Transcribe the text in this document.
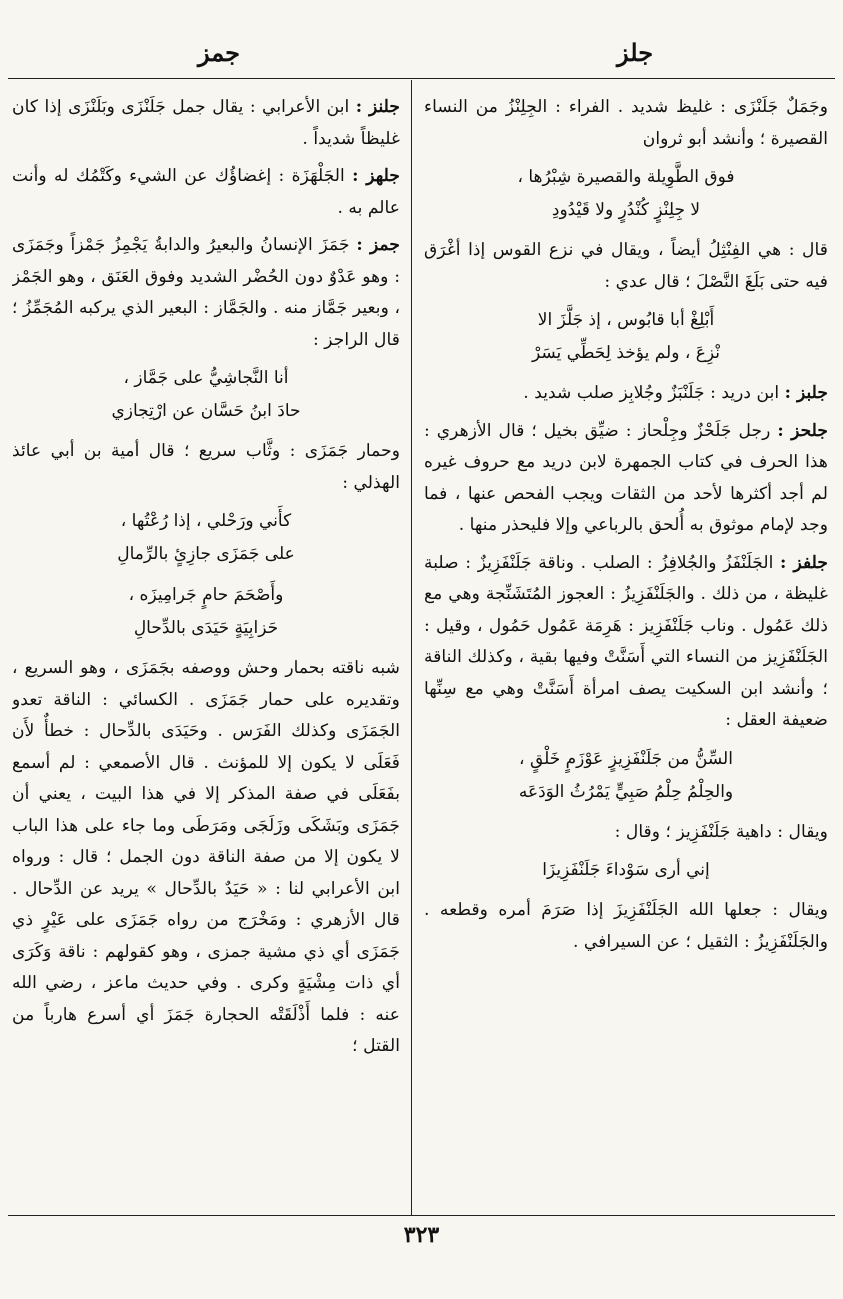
جمز	جلز
وجَمَلٌ جَلَنْزَى : غليظ شديد . الفراء : الجِلِنْزُ من النساء القصيرة ؛ وأنشد أبو ثروان
فوق الطَّوِيلة والقصيرة شِبْرُها ،
لا جِلِنْزٍ كُنْدُرٍ ولا قَيْدُودِ
قال : هي الفِنْثِلُ أيضاً ، ويقال في نزع القوس إذا أغْرَق فيه حتى بَلَغَ النَّصْلَ ؛ قال عدي :
أَبْلِغْ أبا قابُوس ، إذ جَلَّزَ الا
نْزِعَ ، ولم يؤخذ لِحَطِّي يَسَرْ
جلبز : ابن دريد : جَلَنْبَزٌ وجُلابِز صلب شديد .
جلحز : رجل جَلَحْزٌ وجِلْحاز : ضيِّق بخيل ؛ قال الأزهري : هذا الحرف في كتاب الجمهرة لابن دريد مع حروف غيره لم أجد أكثرها لأحد من الثقات ويجب الفحص عنها ، فما وجد لإمام موثوق به أُلحق بالرباعي وإلا فليحذر منها .
جلفز : الجَلَنْفَزُ والجُلافِزُ : الصلب . وناقة جَلَنْفَزِيزٌ : صلبة غليظة ، من ذلك . والجَلَنْفَزِيزُ : العجوز المُتَشَنِّجة وهي مع ذلك عَمُول . وناب جَلَنْفَزِيز : هَرِمَة عَمُول حَمُول ، وقيل : الجَلَنْفَزِيز من النساء التي أَسَنَّتْ وفيها بقية ، وكذلك الناقة ؛ وأنشد ابن السكيت يصف امرأة أَسَنَّتْ وهي مع سِنِّها ضعيفة العقل :
السِّنُّ من جَلَنْفَزِيزٍ عَوْزَمٍ خَلْقٍ ،
والحِلْمُ حِلْمُ صَبِيٍّ يَمْرُثُ الوَدَعَه
ويقال : داهية جَلَنْفَزِيز ؛ وقال :
إني أرى سَوْداءَ جَلَنْفَزِيزَا
ويقال : جعلها الله الجَلَنْفَزِيزَ إذا صَرَمَ أمره وقطعه . والجَلَنْفَزِيزُ : الثقيل ؛ عن السيرافي .
جلنز : ابن الأعرابي : يقال جمل جَلَنْزَى وبَلَنْزَى إذا كان غليظاً شديداً .
جلهز : الجَلْهَزَة : إغضاؤُك عن الشيء وكَتْمُك له وأنت عالم به .
جمز : جَمَزَ الإنسانُ والبعيرُ والدابةُ يَجْمِزُ جَمْزاً وجَمَزَى : وهو عَدْوٌ دون الحُضْر الشديد وفوق العَنَق ، وهو الجَمْز ، وبعير جَمَّاز منه . والجَمَّاز : البعير الذي يركبه المُجَمِّزُ ؛ قال الراجز :
أنا النَّجاشِيُّ على جَمَّاز ،
حادَ ابنُ حَسَّان عن ارْتِجازي
وحمار جَمَزَى : وثَّاب سريع ؛ قال أمية بن أبي عائذ الهذلي :
كأَني ورَحْلي ، إذا رُعْتُها ،
على جَمَزَى جازِئٍ بالرِّمالِ
وأَصْحَمَ حامٍ جَرامِيزَه ،
حَزابِيَةٍ حَيَدَى بالدِّحالِ
شبه ناقته بحمار وحش ووصفه بجَمَزَى ، وهو السريع ، وتقديره على حمار جَمَزَى . الكسائي : الناقة تعدو الجَمَزَى وكذلك الفَرَس . وحَيَدَى بالدِّحال : خطأٌ لأَن فَعَلَى لا يكون إلا للمؤنث . قال الأصمعي : لم أسمع بفَعَلَى في صفة المذكر إلا في هذا البيت ، يعني أن جَمَزَى وبَشَكَى وزَلَجَى ومَرَطَى وما جاء على هذا الباب لا يكون إلا من صفة الناقة دون الجمل ؛ قال : ورواه ابن الأعرابي لنا : « حَيَدٌ بالدِّحال » يريد عن الدِّحال . قال الأزهري : ومَخْرَج من رواه جَمَزَى على عَيْرٍ ذي جَمَزَى أي ذي مشية جمزى ، وهو كقولهم : ناقة وَكَرَى أي ذات مِشْيَةٍ وكرى . وفي حديث ماعز ، رضي الله عنه : فلما أَذْلَقَتْه الحجارة جَمَزَ أي أسرع هارباً من القتل ؛
٣٢٣
